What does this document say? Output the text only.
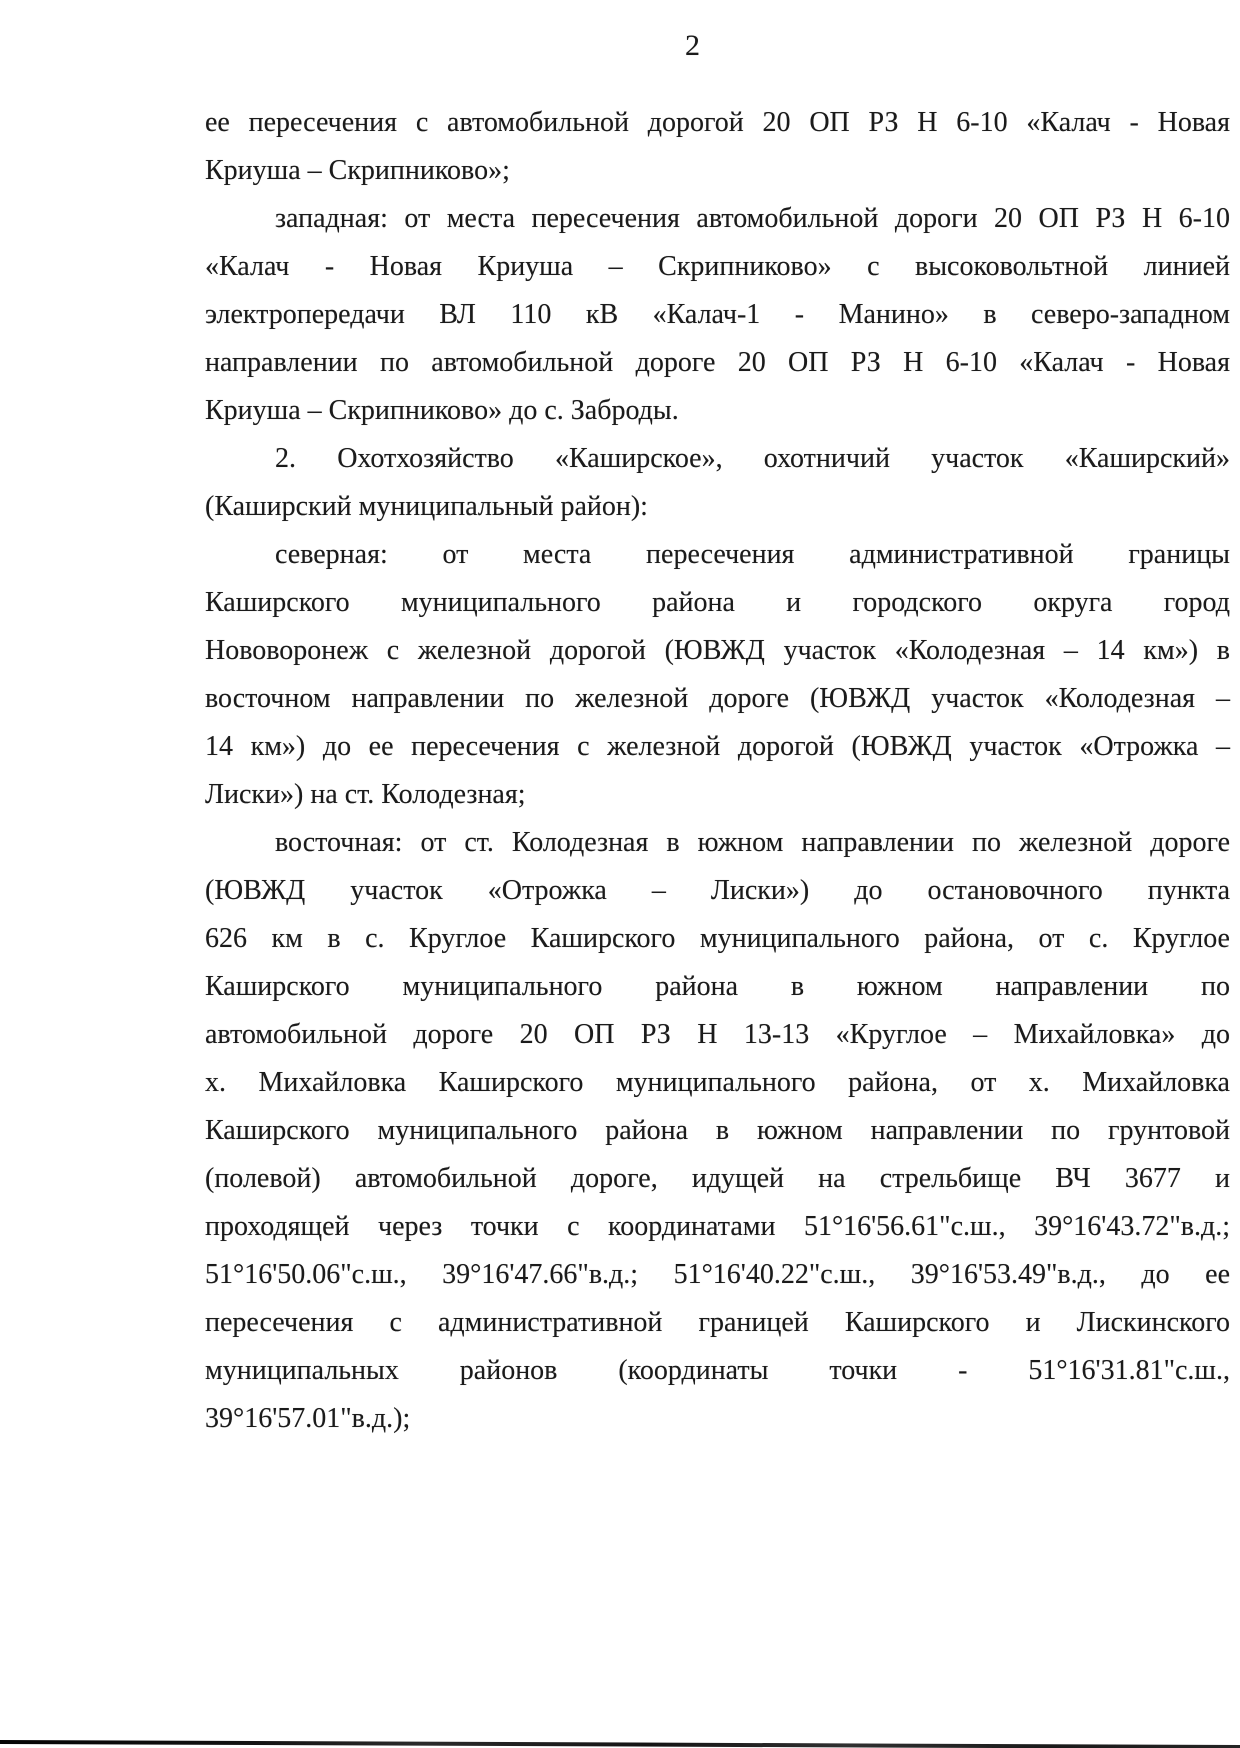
2
ее пересечения с автомобильной дорогой 20 ОП РЗ Н 6-10 «Калач - Новая
Криуша – Скрипниково»;
западная: от места пересечения автомобильной дороги 20 ОП РЗ Н 6-10
«Калач - Новая Криуша – Скрипниково» с высоковольтной линией
электропередачи ВЛ 110 кВ «Калач-1 - Манино» в северо-западном
направлении по автомобильной дороге 20 ОП РЗ Н 6-10 «Калач - Новая
Криуша – Скрипниково» до с. Заброды.
2. Охотхозяйство «Каширское», охотничий участок «Каширский»
(Каширский муниципальный район):
северная: от места пересечения административной границы
Каширского муниципального района и городского округа город
Нововоронеж с железной дорогой (ЮВЖД участок «Колодезная – 14 км») в
восточном направлении по железной дороге (ЮВЖД участок «Колодезная –
14 км») до ее пересечения с железной дорогой (ЮВЖД участок «Отрожка –
Лиски») на ст. Колодезная;
восточная: от ст. Колодезная в южном направлении по железной дороге
(ЮВЖД участок «Отрожка – Лиски») до остановочного пункта
626 км в с. Круглое Каширского муниципального района, от с. Круглое
Каширского муниципального района в южном направлении по
автомобильной дороге 20 ОП РЗ Н 13-13 «Круглое – Михайловка» до
х. Михайловка Каширского муниципального района, от х. Михайловка
Каширского муниципального района в южном направлении по грунтовой
(полевой) автомобильной дороге, идущей на стрельбище ВЧ 3677 и
проходящей через точки с координатами 51°16'56.61"с.ш., 39°16'43.72"в.д.;
51°16'50.06"с.ш., 39°16'47.66"в.д.; 51°16'40.22"с.ш., 39°16'53.49"в.д., до ее
пересечения с административной границей Каширского и Лискинского
муниципальных районов (координаты точки - 51°16'31.81"с.ш.,
39°16'57.01"в.д.);
